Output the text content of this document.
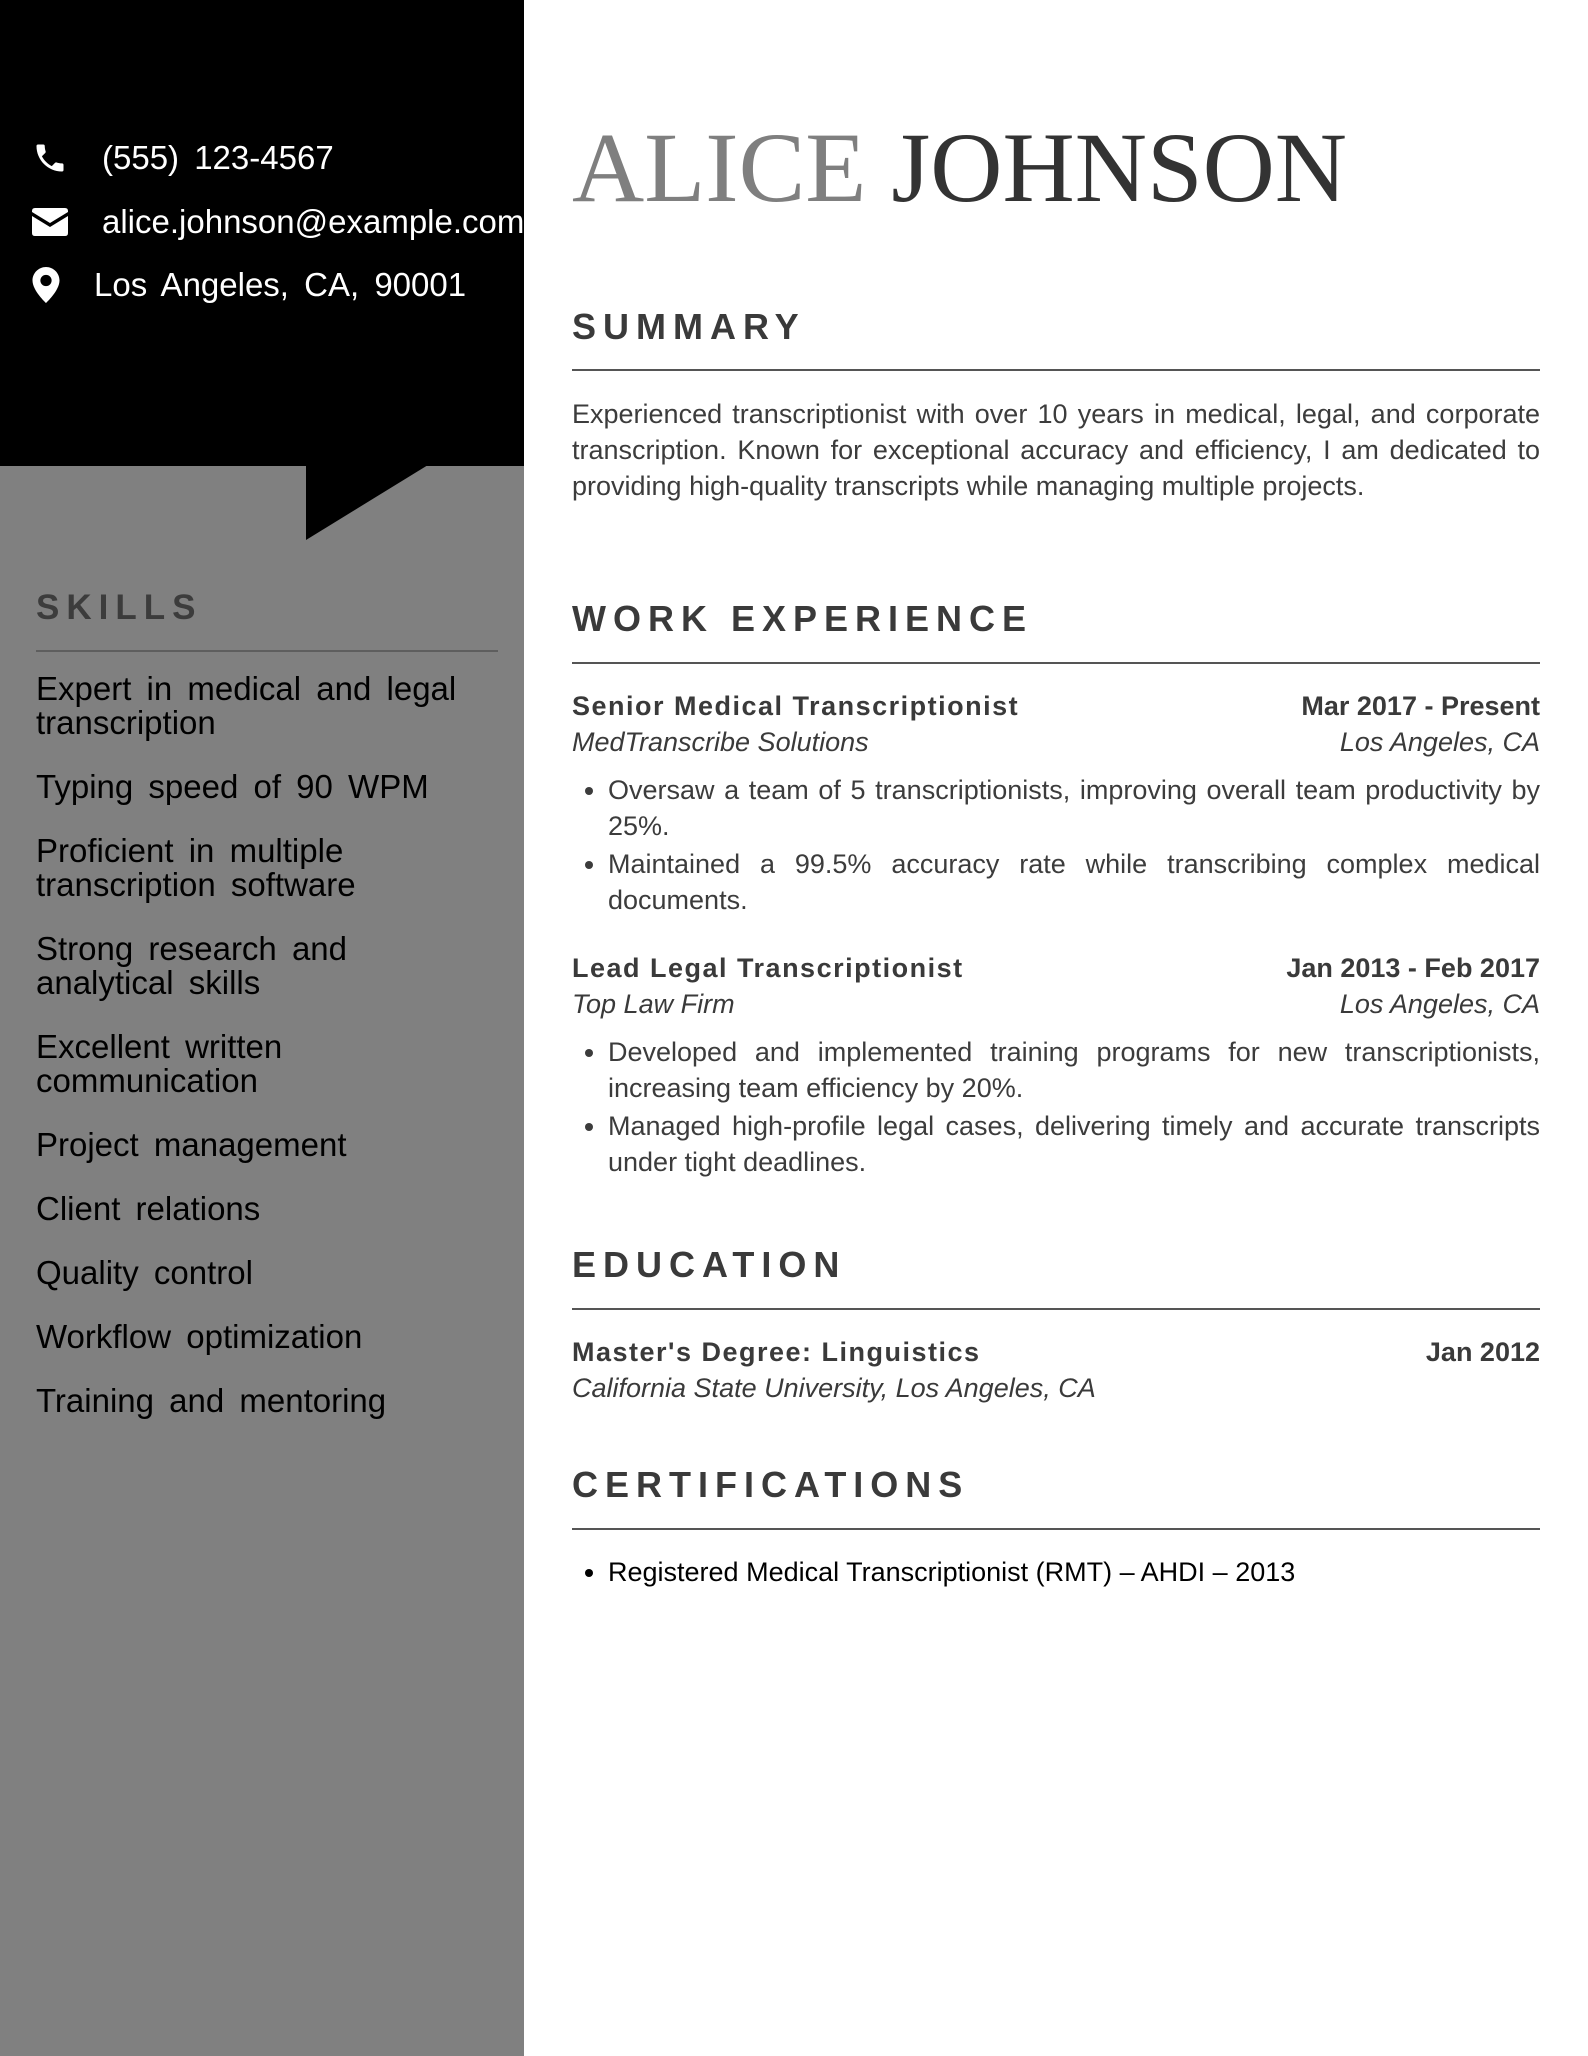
(555) 123-4567
alice.johnson@example.com
Los Angeles, CA, 90001
SKILLS
Expert in medical and legal transcription
Typing speed of 90 WPM
Proficient in multiple transcription software
Strong research and analytical skills
Excellent written communication
Project management
Client relations
Quality control
Workflow optimization
Training and mentoring
ALICE JOHNSON
SUMMARY

Experienced transcriptionist with over 10 years in medical, legal, and corporate transcription. Known for exceptional accuracy and efficiency, I am dedicated to providing high-quality transcripts while managing multiple projects.

WORK EXPERIENCE
Senior Medical Transcriptionist	Mar 2017 - Present
MedTranscribe Solutions	Los Angeles, CA
• Oversaw a team of 5 transcriptionists, improving overall team productivity by 25%.
• Maintained a 99.5% accuracy rate while transcribing complex medical documents.
Lead Legal Transcriptionist	Jan 2013 - Feb 2017
Top Law Firm	Los Angeles, CA
• Developed and implemented training programs for new transcriptionists, increasing team efficiency by 20%.
• Managed high-profile legal cases, delivering timely and accurate transcripts under tight deadlines.
EDUCATION
Master's Degree: Linguistics	Jan 2012
California State University, Los Angeles, CA
CERTIFICATIONS
• Registered Medical Transcriptionist (RMT) – AHDI – 2013
